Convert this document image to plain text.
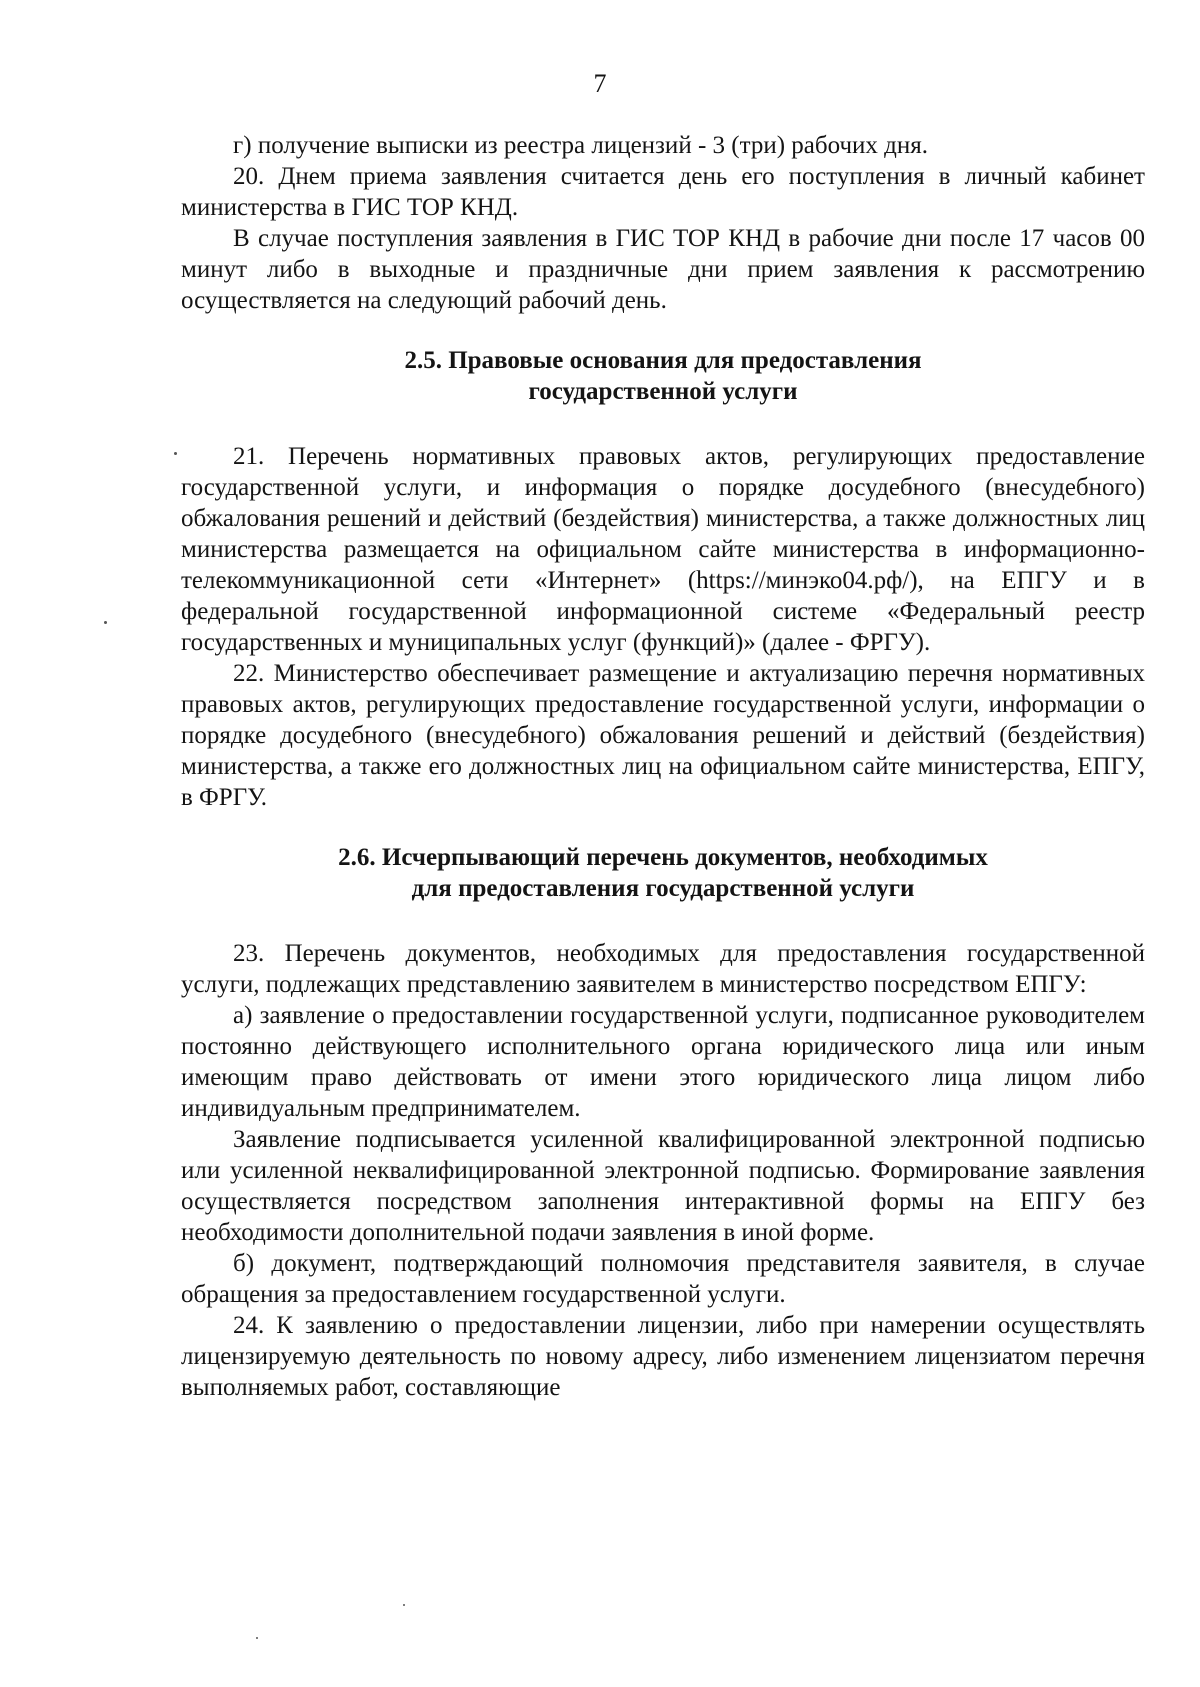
7

г) получение выписки из реестра лицензий - 3 (три) рабочих дня.

20. Днем приема заявления считается день его поступления в личный кабинет министерства в ГИС ТОР КНД.

В случае поступления заявления в ГИС ТОР КНД в рабочие дни после 17 часов 00 минут либо в выходные и праздничные дни прием заявления к рассмотрению осуществляется на следующий рабочий день.

2.5. Правовые основания для предоставления
государственной услуги

21. Перечень нормативных правовых актов, регулирующих предоставление государственной услуги, и информация о порядке досудебного (внесудебного) обжалования решений и действий (бездействия) министерства, а также должностных лиц министерства размещается на официальном сайте министерства в информационно-телекоммуникационной сети «Интернет» (https://минэко04.рф/), на ЕПГУ и в федеральной государственной информационной системе «Федеральный реестр государственных и муниципальных услуг (функций)» (далее - ФРГУ).

22. Министерство обеспечивает размещение и актуализацию перечня нормативных правовых актов, регулирующих предоставление государственной услуги, информации о порядке досудебного (внесудебного) обжалования решений и действий (бездействия) министерства, а также его должностных лиц на официальном сайте министерства, ЕПГУ, в ФРГУ.

2.6. Исчерпывающий перечень документов, необходимых
для предоставления государственной услуги

23. Перечень документов, необходимых для предоставления государственной услуги, подлежащих представлению заявителем в министерство посредством ЕПГУ:

а) заявление о предоставлении государственной услуги, подписанное руководителем постоянно действующего исполнительного органа юридического лица или иным имеющим право действовать от имени этого юридического лица лицом либо индивидуальным предпринимателем.

Заявление подписывается усиленной квалифицированной электронной подписью или усиленной неквалифицированной электронной подписью. Формирование заявления осуществляется посредством заполнения интерактивной формы на ЕПГУ без необходимости дополнительной подачи заявления в иной форме.

б) документ, подтверждающий полномочия представителя заявителя, в случае обращения за предоставлением государственной услуги.

24. К заявлению о предоставлении лицензии, либо при намерении осуществлять лицензируемую деятельность по новому адресу, либо изменением лицензиатом перечня выполняемых работ, составляющие
